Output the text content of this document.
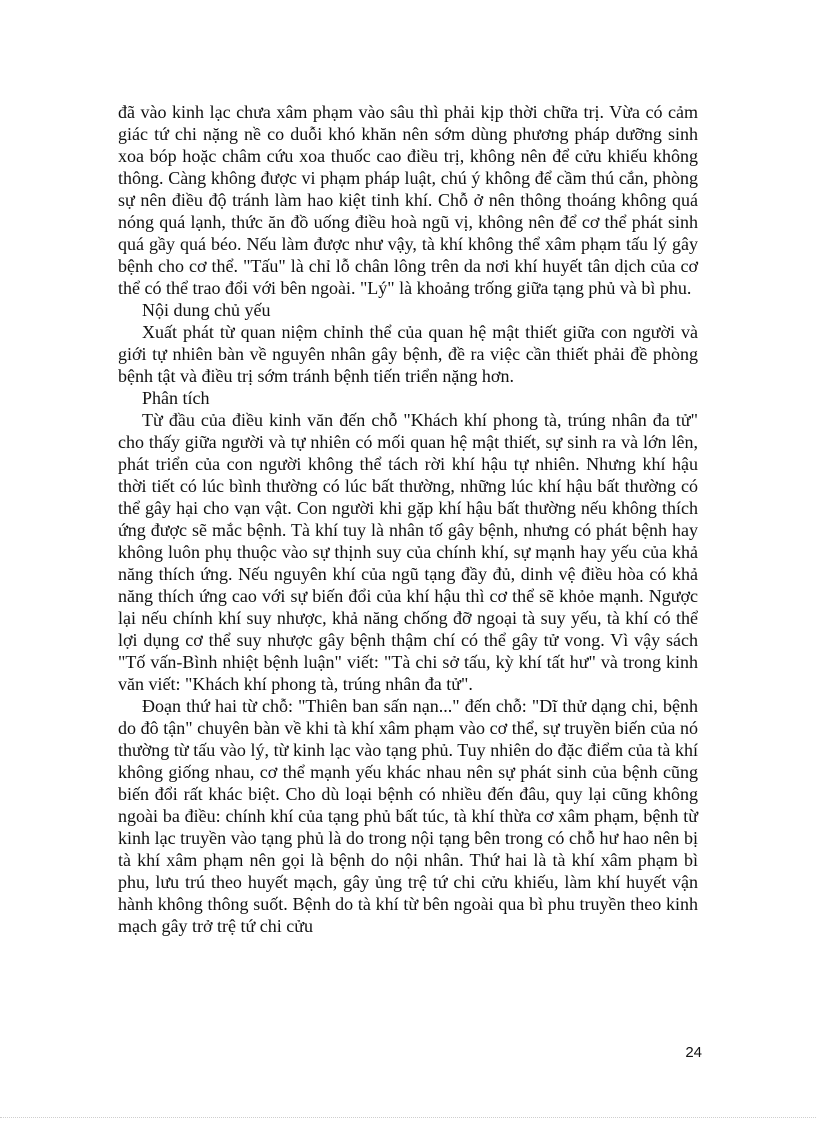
đã vào kinh lạc chưa xâm phạm vào sâu thì phải kịp thời chữa trị. Vừa có cảm giác tứ chi nặng nề co duỗi khó khăn nên sớm dùng phương pháp dưỡng sinh xoa bóp hoặc châm cứu xoa thuốc cao điều trị, không nên để cửu khiếu không thông. Càng không được vi phạm pháp luật, chú ý không để cầm thú cắn, phòng sự nên điều độ tránh làm hao kiệt tinh khí. Chỗ ở nên thông thoáng không quá nóng quá lạnh, thức ăn đồ uống điều hoà ngũ vị, không nên để cơ thể phát sinh quá gầy quá béo. Nếu làm được như vậy, tà khí không thể xâm phạm tấu lý gây bệnh cho cơ thể. "Tấu" là chỉ lỗ chân lông trên da nơi khí huyết tân dịch của cơ thể có thể trao đổi với bên ngoài. "Lý" là khoảng trống giữa tạng phủ và bì phu.

Nội dung chủ yếu

Xuất phát từ quan niệm chỉnh thể của quan hệ mật thiết giữa con người và giới tự nhiên bàn về nguyên nhân gây bệnh, đề ra việc cần thiết phải đề phòng bệnh tật và điều trị sớm tránh bệnh tiến triển nặng hơn.

Phân tích

Từ đầu của điều kinh văn đến chỗ "Khách khí phong tà, trúng nhân đa tử" cho thấy giữa người và tự nhiên có mối quan hệ mật thiết, sự sinh ra và lớn lên, phát triển của con người không thể tách rời khí hậu tự nhiên. Nhưng khí hậu thời tiết có lúc bình thường có lúc bất thường, những lúc khí hậu bất thường có thể gây hại cho vạn vật. Con người khi gặp khí hậu bất thường nếu không thích ứng được sẽ mắc bệnh. Tà khí tuy là nhân tố gây bệnh, nhưng có phát bệnh hay không luôn phụ thuộc vào sự thịnh suy của chính khí, sự mạnh hay yếu của khả năng thích ứng. Nếu nguyên khí của ngũ tạng đầy đủ, dinh vệ điều hòa có khả năng thích ứng cao với sự biến đổi của khí hậu thì cơ thể sẽ khỏe mạnh. Ngược lại nếu chính khí suy nhược, khả năng chống đỡ ngoại tà suy yếu, tà khí có thể lợi dụng cơ thể suy nhược gây bệnh thậm chí có thể gây tử vong. Vì vậy sách "Tố vấn-Bình nhiệt bệnh luận" viết: "Tà chi sở tấu, kỳ khí tất hư" và trong kinh văn viết: "Khách khí phong tà, trúng nhân đa tử".

Đoạn thứ hai từ chỗ: "Thiên ban sấn nạn..." đến chỗ: "Dĩ thử dạng chi, bệnh do đô tận" chuyên bàn về khi tà khí xâm phạm vào cơ thể, sự truyền biến của nó thường từ tấu vào lý, từ kinh lạc vào tạng phủ. Tuy nhiên do đặc điểm của tà khí không giống nhau, cơ thể mạnh yếu khác nhau nên sự phát sinh của bệnh cũng biến đổi rất khác biệt. Cho dù loại bệnh có nhiều đến đâu, quy lại cũng không ngoài ba điều: chính khí của tạng phủ bất túc, tà khí thừa cơ xâm phạm, bệnh từ kinh lạc truyền vào tạng phủ là do trong nội tạng bên trong có chỗ hư hao nên bị tà khí xâm phạm nên gọi là bệnh do nội nhân. Thứ hai là tà khí xâm phạm bì phu, lưu trú theo huyết mạch, gây ủng trệ tứ chi cửu khiếu, làm khí huyết vận hành không thông suốt. Bệnh do tà khí từ bên ngoài qua bì phu truyền theo kinh mạch gây trở trệ tứ chi cửu

24
